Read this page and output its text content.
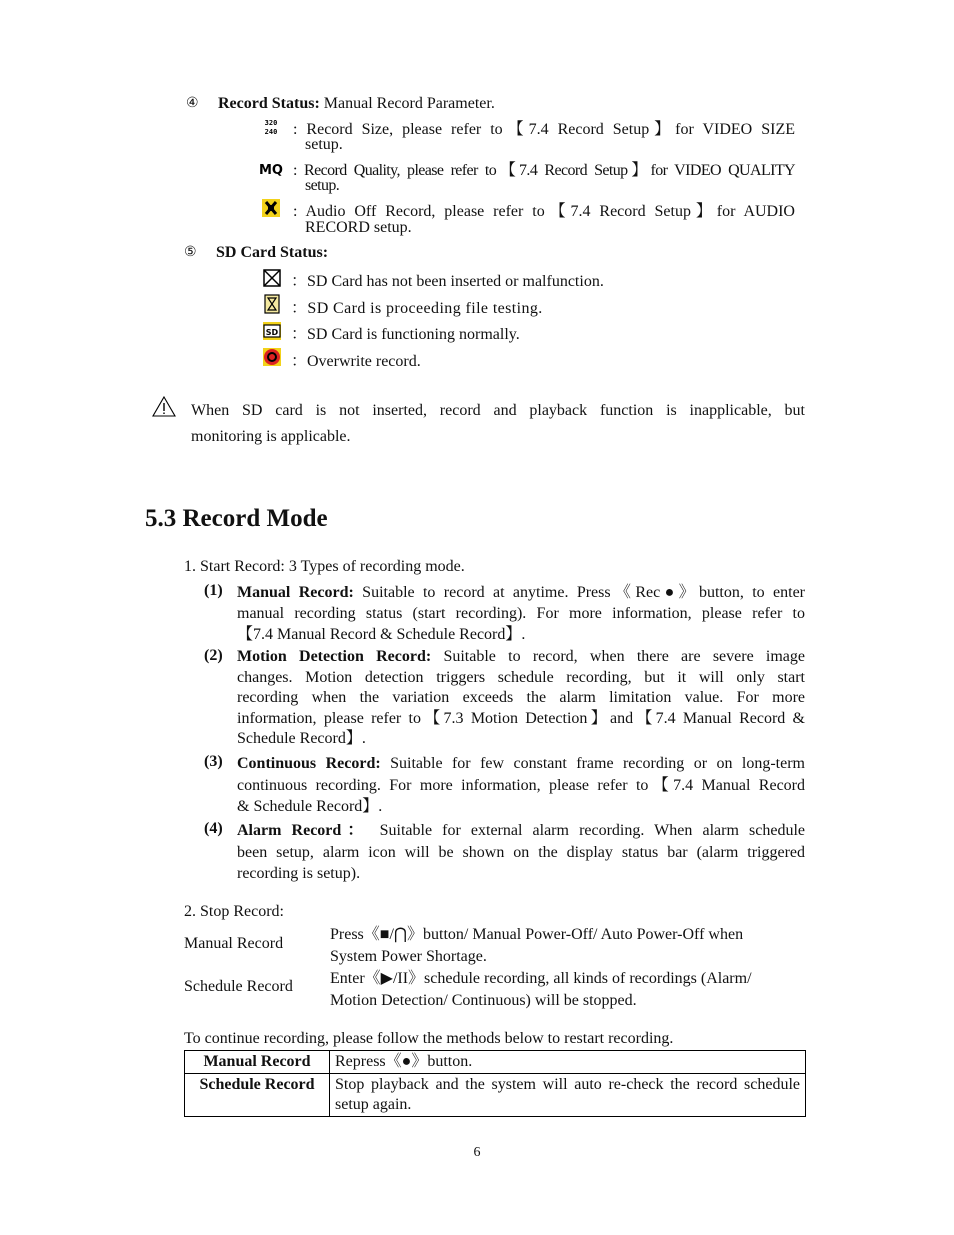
④ Record Status: Manual Record Parameter.
320
240 : Record Size, please refer to【7.4 Record Setup】for VIDEO SIZE
setup.
MQ : Record Quality, please refer to【7.4 Record Setup】for VIDEO QUALITY
setup.
: Audio Off Record, please refer to【7.4 Record Setup】for AUDIO
RECORD setup.
⑤ SD Card Status:
：SD Card has not been inserted or malfunction.
：SD Card is proceeding file testing.
SD ：SD Card is functioning normally.
：Overwrite record.
When SD card is not inserted, record and playback function is inapplicable, but
monitoring is applicable.
5.3 Record Mode
1. Start Record: 3 Types of recording mode.
(1) Manual Record: Suitable to record at anytime. Press《Rec●》button, to enter
manual recording status (start recording). For more information, please refer to
【7.4 Manual Record & Schedule Record】.
(2) Motion Detection Record: Suitable to record, when there are severe image
changes. Motion detection triggers schedule recording, but it will only start
recording when the variation exceeds the alarm limitation value. For more
information, please refer to【7.3 Motion Detection】and【7.4 Manual Record &
Schedule Record】.
(3) Continuous Record: Suitable for few constant frame recording or on long-term
continuous recording. For more information, please refer to【7.4 Manual Record
& Schedule Record】.
(4) Alarm Record： Suitable for external alarm recording. When alarm schedule
been setup, alarm icon will be shown on the display status bar (alarm triggered
recording is setup).
2. Stop Record:
Manual Record
Press《■/⋂》button/ Manual Power-Off/ Auto Power-Off when
System Power Shortage.
Schedule Record Enter《▶/II》schedule recording, all kinds of recordings (Alarm/
Motion Detection/ Continuous) will be stopped.
To continue recording, please follow the methods below to restart recording.
Manual Record	Repress《●》button.
Schedule Record	Stop playback and the system will auto re-check the record schedule setup again.
6
